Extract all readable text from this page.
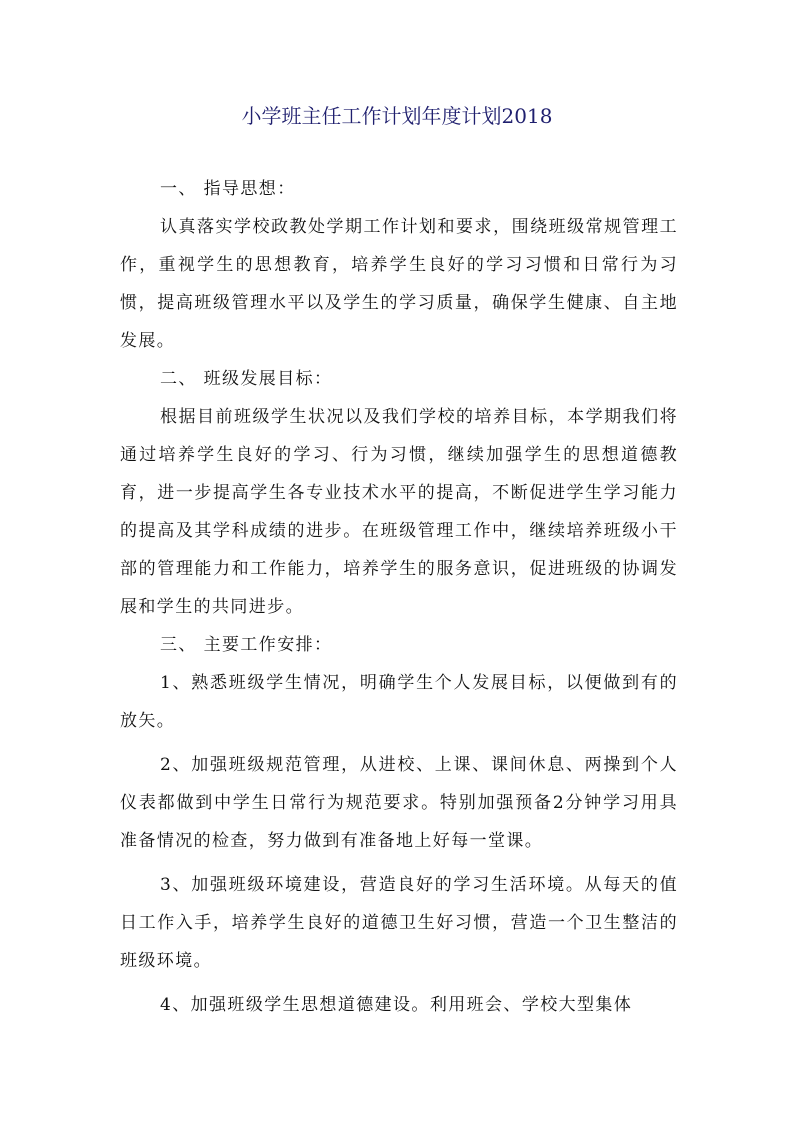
小学班主任工作计划年度计划2018

一、 指导思想：

认真落实学校政教处学期工作计划和要求，围绕班级常规管理工作，重视学生的思想教育，培养学生良好的学习习惯和日常行为习惯，提高班级管理水平以及学生的学习质量，确保学生健康、自主地发展。

二、 班级发展目标：

根据目前班级学生状况以及我们学校的培养目标，本学期我们将通过培养学生良好的学习、行为习惯，继续加强学生的思想道德教育，进一步提高学生各专业技术水平的提高，不断促进学生学习能力的提高及其学科成绩的进步。在班级管理工作中，继续培养班级小干部的管理能力和工作能力，培养学生的服务意识，促进班级的协调发展和学生的共同进步。

三、 主要工作安排：

1、熟悉班级学生情况，明确学生个人发展目标，以便做到有的放矢。

2、加强班级规范管理，从进校、上课、课间休息、两操到个人仪表都做到中学生日常行为规范要求。特别加强预备2分钟学习用具准备情况的检查，努力做到有准备地上好每一堂课。

3、加强班级环境建设，营造良好的学习生活环境。从每天的值日工作入手，培养学生良好的道德卫生好习惯，营造一个卫生整洁的班级环境。

4、加强班级学生思想道德建设。利用班会、学校大型集体
